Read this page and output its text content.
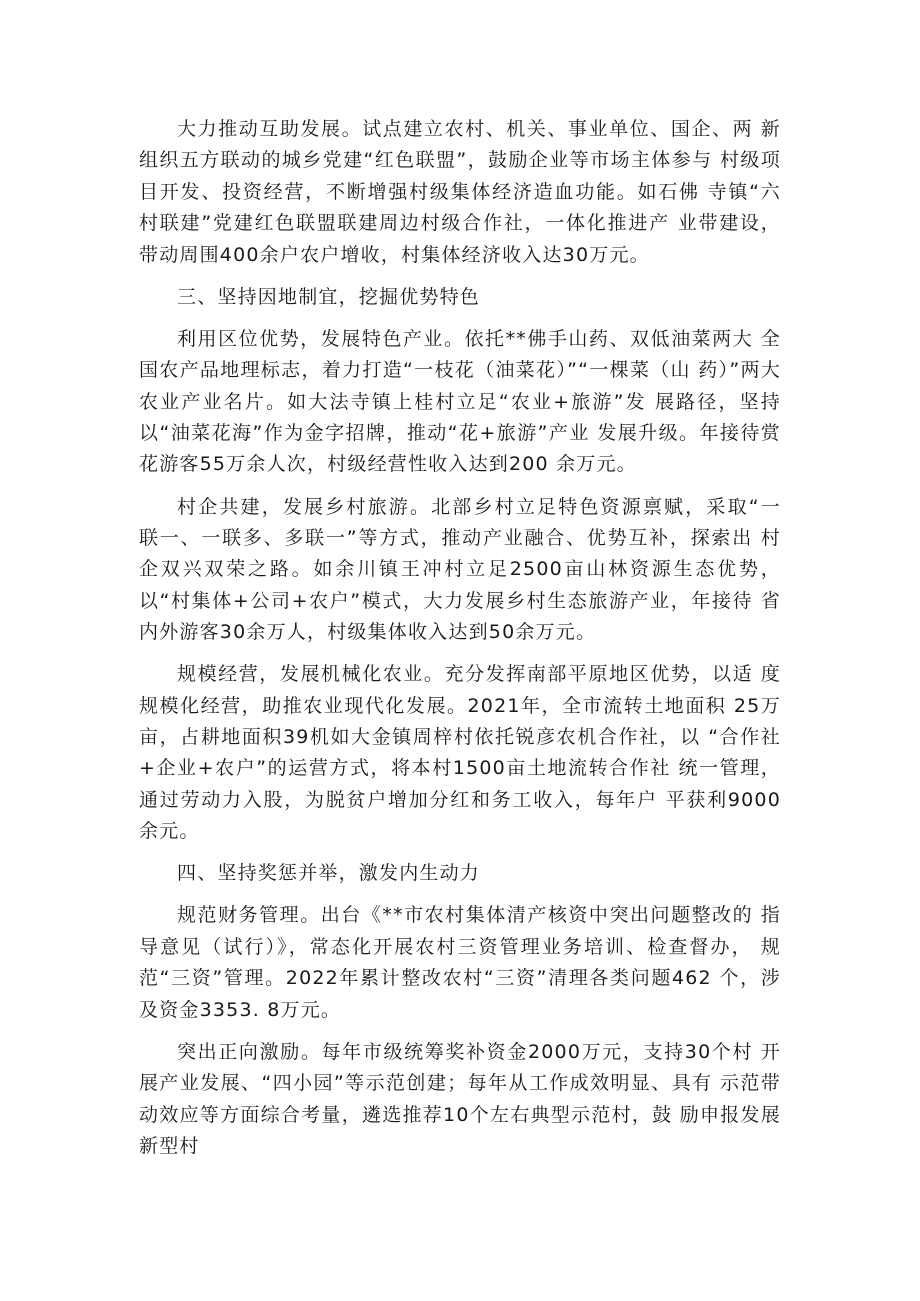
大力推动互助发展。试点建立农村、机关、事业单位、国企、两 新组织五方联动的城乡党建“红色联盟”，鼓励企业等市场主体参与 村级项目开发、投资经营，不断增强村级集体经济造血功能。如石佛 寺镇“六村联建”党建红色联盟联建周边村级合作社，一体化推进产 业带建设，带动周围400余户农户增收，村集体经济收入达30万元。

三、坚持因地制宜，挖掘优势特色

利用区位优势，发展特色产业。依托**佛手山药、双低油菜两大 全国农产品地理标志，着力打造“一枝花（油菜花）”“一棵菜（山 药）”两大农业产业名片。如大法寺镇上桂村立足“农业+旅游”发 展路径，坚持以“油菜花海”作为金字招牌，推动“花+旅游”产业 发展升级。年接待赏花游客55万余人次，村级经营性收入达到200 余万元。

村企共建，发展乡村旅游。北部乡村立足特色资源禀赋，采取“一 联一、一联多、多联一”等方式，推动产业融合、优势互补，探索出 村企双兴双荣之路。如余川镇王冲村立足2500亩山林资源生态优势，以“村集体+公司+农户”模式，大力发展乡村生态旅游产业，年接待 省内外游客30余万人，村级集体收入达到50余万元。

规模经营，发展机械化农业。充分发挥南部平原地区优势，以适 度规模化经营，助推农业现代化发展。2021年，全市流转土地面积 25万亩，占耕地面积39机如大金镇周梓村依托锐彦农机合作社，以 “合作社+企业+农户”的运营方式，将本村1500亩土地流转合作社 统一管理，通过劳动力入股，为脱贫户增加分红和务工收入，每年户 平获利9000余元。

四、坚持奖惩并举，激发内生动力

规范财务管理。出台《**市农村集体清产核资中突出问题整改的 指导意见（试行）》，常态化开展农村三资管理业务培训、检查督办， 规范“三资”管理。2022年累计整改农村“三资”清理各类问题462 个，涉及资金3353. 8万元。

突出正向激励。每年市级统筹奖补资金2000万元，支持30个村 开展产业发展、“四小园”等示范创建；每年从工作成效明显、具有 示范带动效应等方面综合考量，遴选推荐10个左右典型示范村，鼓 励申报发展新型村
